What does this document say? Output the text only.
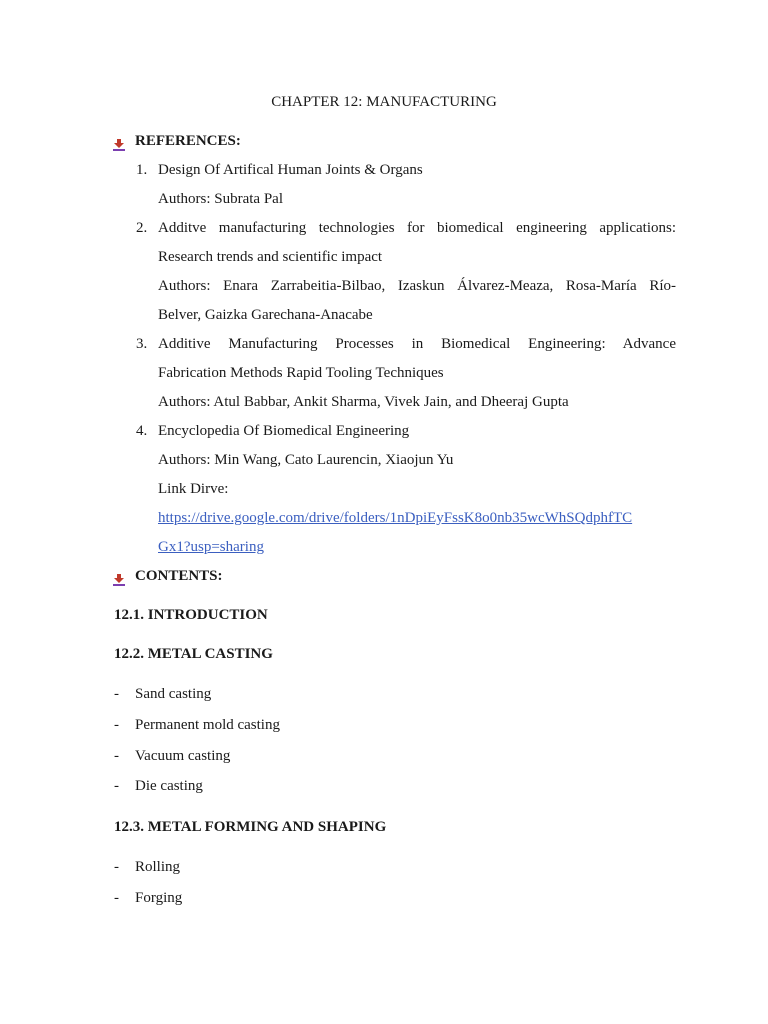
CHAPTER 12: MANUFACTURING
REFERENCES:
1. Design Of Artifical Human Joints & Organs
Authors: Subrata Pal
2. Additve manufacturing technologies for biomedical engineering applications:
Research trends and scientific impact
Authors: Enara Zarrabeitia-Bilbao, Izaskun Álvarez-Meaza, Rosa-María Río-
Belver, Gaizka Garechana-Anacabe
3. Additive Manufacturing Processes in Biomedical Engineering: Advance
Fabrication Methods Rapid Tooling Techniques
Authors: Atul Babbar, Ankit Sharma, Vivek Jain, and Dheeraj Gupta
4. Encyclopedia Of Biomedical Engineering
Authors: Min Wang, Cato Laurencin, Xiaojun Yu
Link Dirve:
https://drive.google.com/drive/folders/1nDpiEyFssK8o0nb35wcWhSQdphfTC
Gx1?usp=sharing
CONTENTS:
12.1. INTRODUCTION
12.2. METAL CASTING
- Sand casting
- Permanent mold casting
- Vacuum casting
- Die casting
12.3. METAL FORMING AND SHAPING
- Rolling
- Forging
